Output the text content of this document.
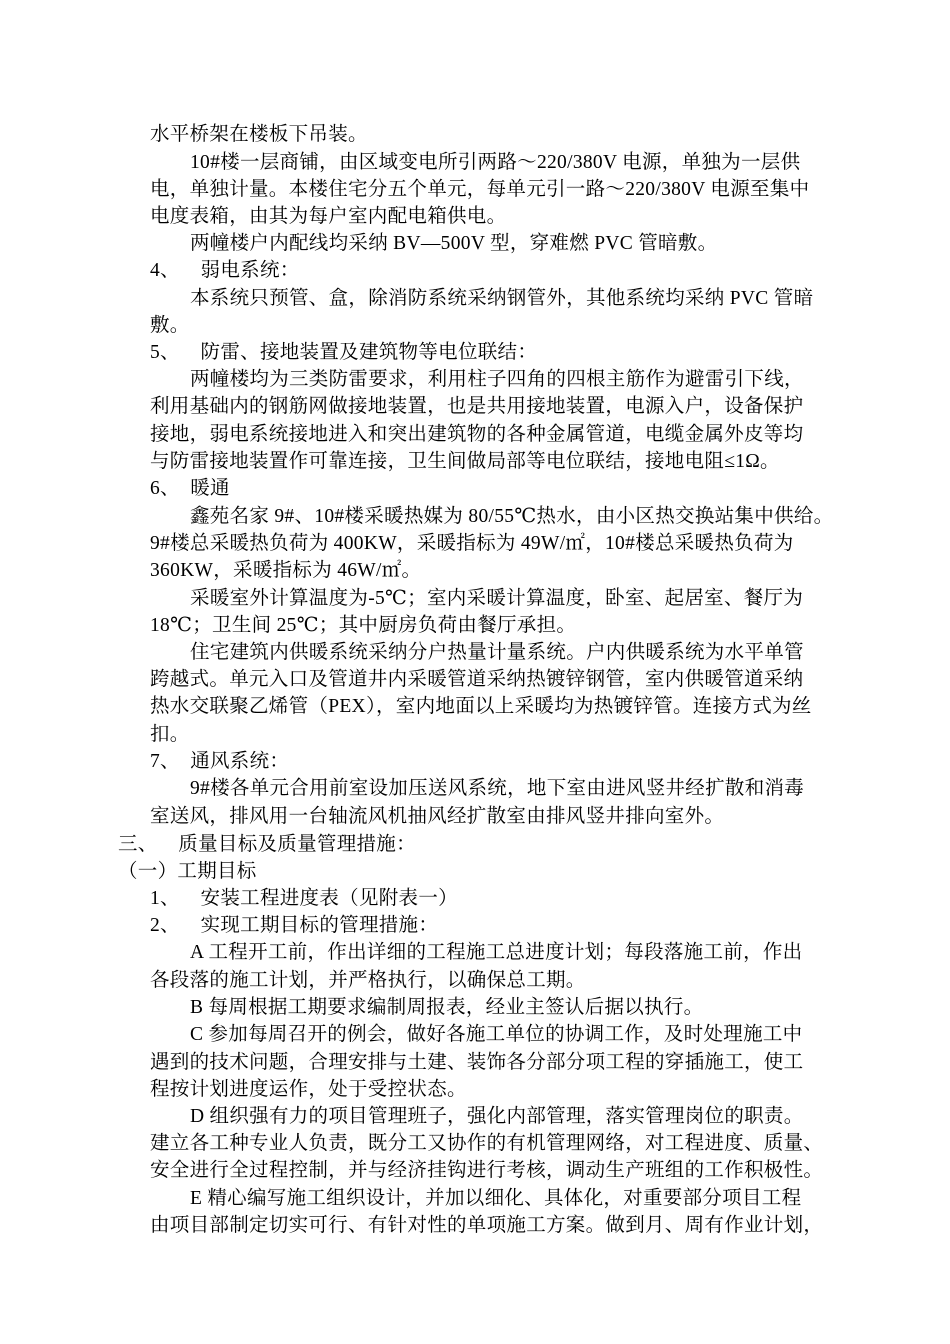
水平桥架在楼板下吊装。
10#楼一层商铺，由区域变电所引两路～220/380V 电源，单独为一层供
电，单独计量。本楼住宅分五个单元，每单元引一路～220/380V 电源至集中
电度表箱，由其为每户室内配电箱供电。
两幢楼户内配线均采纳 BV—500V 型，穿难燃 PVC 管暗敷。
4、    弱电系统：
本系统只预管、盒，除消防系统采纳钢管外，其他系统均采纳 PVC 管暗
敷。
5、    防雷、接地装置及建筑物等电位联结：
两幢楼均为三类防雷要求，利用柱子四角的四根主筋作为避雷引下线，
利用基础内的钢筋网做接地装置，也是共用接地装置，电源入户，设备保护
接地，弱电系统接地进入和突出建筑物的各种金属管道，电缆金属外皮等均
与防雷接地装置作可靠连接，卫生间做局部等电位联结，接地电阻≤1Ω。
6、  暖通
鑫苑名家 9#、10#楼采暖热媒为 80/55℃热水，由小区热交换站集中供给。
9#楼总采暖热负荷为 400KW，采暖指标为 49W/㎡，10#楼总采暖热负荷为
360KW，采暖指标为 46W/㎡。
采暖室外计算温度为-5℃；室内采暖计算温度，卧室、起居室、餐厅为
18℃；卫生间 25℃；其中厨房负荷由餐厅承担。
住宅建筑内供暖系统采纳分户热量计量系统。户内供暖系统为水平单管
跨越式。单元入口及管道井内采暖管道采纳热镀锌钢管，室内供暖管道采纳
热水交联聚乙烯管（PEX），室内地面以上采暖均为热镀锌管。连接方式为丝
扣。
7、  通风系统：
9#楼各单元合用前室设加压送风系统，地下室由进风竖井经扩散和消毒
室送风，排风用一台轴流风机抽风经扩散室由排风竖井排向室外。
三、    质量目标及质量管理措施：
（一）工期目标
1、    安装工程进度表（见附表一）
2、    实现工期目标的管理措施：
A 工程开工前，作出详细的工程施工总进度计划；每段落施工前，作出
各段落的施工计划，并严格执行，以确保总工期。
B 每周根据工期要求编制周报表，经业主签认后据以执行。
C 参加每周召开的例会，做好各施工单位的协调工作，及时处理施工中
遇到的技术问题，合理安排与土建、装饰各分部分项工程的穿插施工，使工
程按计划进度运作，处于受控状态。
D 组织强有力的项目管理班子，强化内部管理，落实管理岗位的职责。
建立各工种专业人负责，既分工又协作的有机管理网络，对工程进度、质量、
安全进行全过程控制，并与经济挂钩进行考核，调动生产班组的工作积极性。
E 精心编写施工组织设计，并加以细化、具体化，对重要部分项目工程
由项目部制定切实可行、有针对性的单项施工方案。做到月、周有作业计划，
